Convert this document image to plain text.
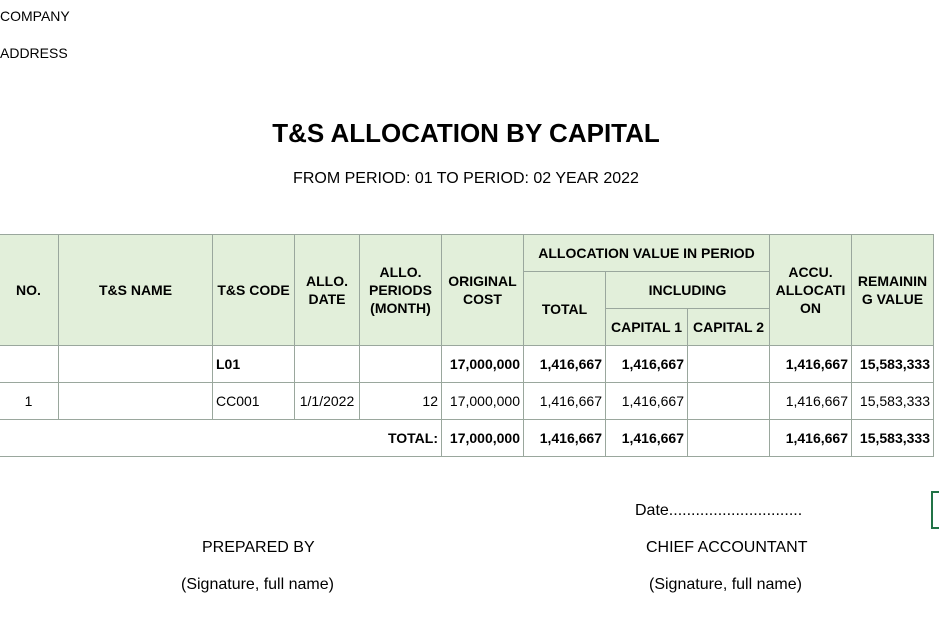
COMPANY
ADDRESS
T&S ALLOCATION BY CAPITAL
FROM PERIOD: 01 TO PERIOD: 02 YEAR 2022
NO.	T&S NAME	T&S CODE	ALLO. DATE	ALLO. PERIODS (MONTH)	ORIGINAL COST	ALLOCATION VALUE IN PERIOD			ACCU. ALLOCATI ON	REMAININ G VALUE
						TOTAL	INCLUDING			
							CAPITAL 1	CAPITAL 2		
		L01			17,000,000	1,416,667	1,416,667		1,416,667	15,583,333
1		CC001	1/1/2022	12	17,000,000	1,416,667	1,416,667		1,416,667	15,583,333
TOTAL:					17,000,000	1,416,667	1,416,667		1,416,667	15,583,333
Date..............................
PREPARED BY	CHIEF ACCOUNTANT
(Signature, full name)	(Signature, full name)
